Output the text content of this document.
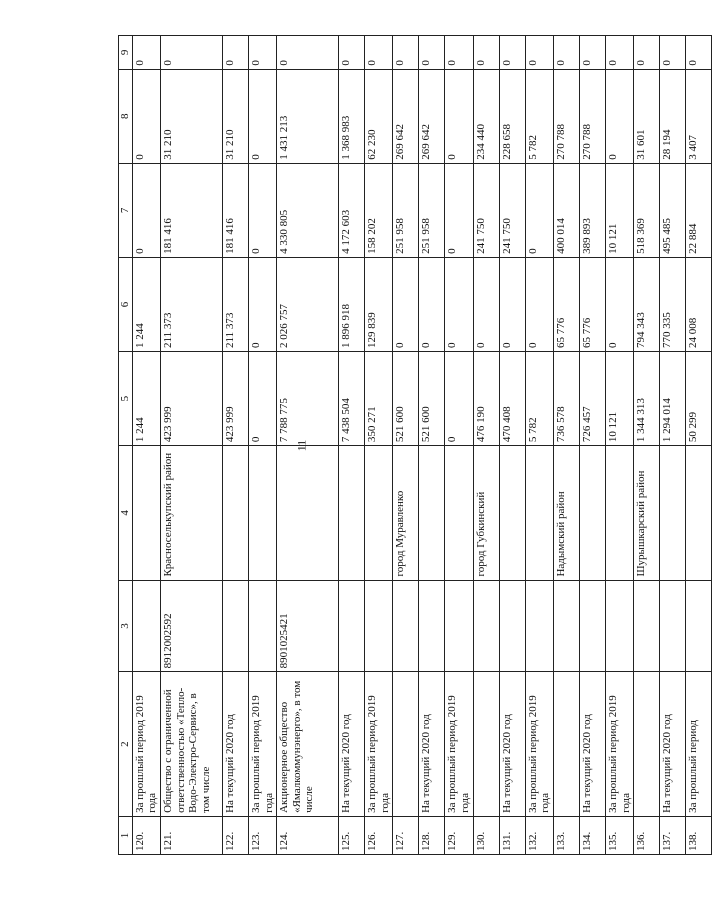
11
1	2	3	4	5	6	7	8	9
120.	За прошлый период 2019 года			1 244	1 244	0	0	0
121.	Общество с ограниченной ответственностью «Тепло-Водо-Электро-Сервис», в том числе	8912002592	Красноселькупский район	423 999	211 373	181 416	31 210	0
122.	На текущий 2020 год			423 999	211 373	181 416	31 210	0
123.	За прошлый период 2019 года			0	0	0	0	0
124.	Акционерное общество «Ямалкоммунэнерго», в том числе	8901025421		7 788 775	2 026 757	4 330 805	1 431 213	0
125.	На текущий 2020 год			7 438 504	1 896 918	4 172 603	1 368 983	0
126.	За прошлый период 2019 года			350 271	129 839	158 202	62 230	0
127.			город Муравленко	521 600	0	251 958	269 642	0
128.	На текущий 2020 год			521 600	0	251 958	269 642	0
129.	За прошлый период 2019 года			0	0	0	0	0
130.			город Губкинский	476 190	0	241 750	234 440	0
131.	На текущий 2020 год			470 408	0	241 750	228 658	0
132.	За прошлый период 2019 года			5 782	0	0	5 782	0
133.			Надымский район	736 578	65 776	400 014	270 788	0
134.	На текущий 2020 год			726 457	65 776	389 893	270 788	0
135.	За прошлый период 2019 года			10 121	0	10 121	0	0
136.			Шурышкарский район	1 344 313	794 343	518 369	31 601	0
137.	На текущий 2020 год			1 294 014	770 335	495 485	28 194	0
138.	За прошлый период			50 299	24 008	22 884	3 407	0
